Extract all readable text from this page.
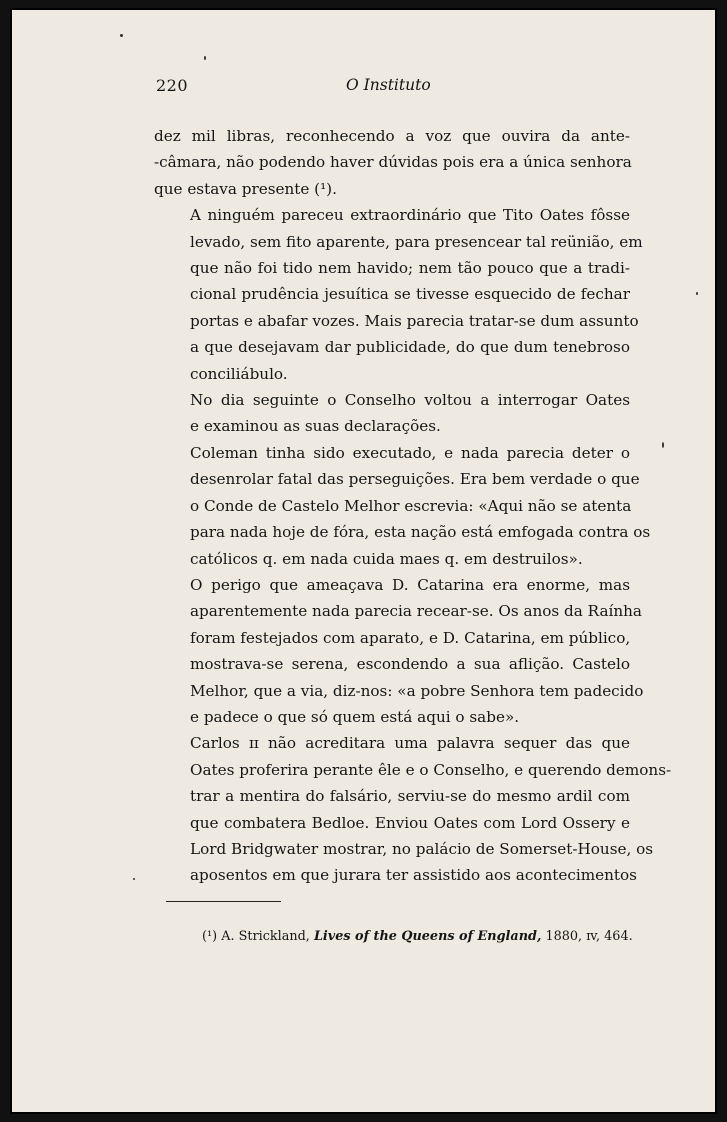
220	O Instituto

dez mil libras, reconhecendo a voz que ouvira da ante-
-câmara, não podendo haver dúvidas pois era a única senhora
que estava presente (¹).

A ninguém pareceu extraordinário que Tito Oates fôsse
levado, sem fito aparente, para presencear tal reünião, em
que não foi tido nem havido; nem tão pouco que a tradi-
cional prudência jesuítica se tivesse esquecido de fechar
portas e abafar vozes. Mais parecia tratar-se dum assunto
a que desejavam dar publicidade, do que dum tenebroso
conciliábulo.

No dia seguinte o Conselho voltou a interrogar Oates
e examinou as suas declarações.

Coleman tinha sido executado, e nada parecia deter o
desenrolar fatal das perseguições. Era bem verdade o que
o Conde de Castelo Melhor escrevia: «Aqui não se atenta
para nada hoje de fóra, esta nação está emfogada contra os
católicos q. em nada cuida maes q. em destruilos».

O perigo que ameaçava D. Catarina era enorme, mas
aparentemente nada parecia recear-se. Os anos da Raínha
foram festejados com aparato, e D. Catarina, em público,
mostrava-se serena, escondendo a sua aflição. Castelo
Melhor, que a via, diz-nos: «a pobre Senhora tem padecido
e padece o que só quem está aqui o sabe».

Carlos ɪɪ não acreditara uma palavra sequer das que
Oates proferira perante êle e o Conselho, e querendo demons-
trar a mentira do falsário, serviu-se do mesmo ardil com
que combatera Bedloe. Enviou Oates com Lord Ossery e
Lord Bridgwater mostrar, no palácio de Somerset-House, os
aposentos em que jurara ter assistido aos acontecimentos

(¹) A. Strickland, Lives of the Queens of England, 1880, ɪv, 464.
